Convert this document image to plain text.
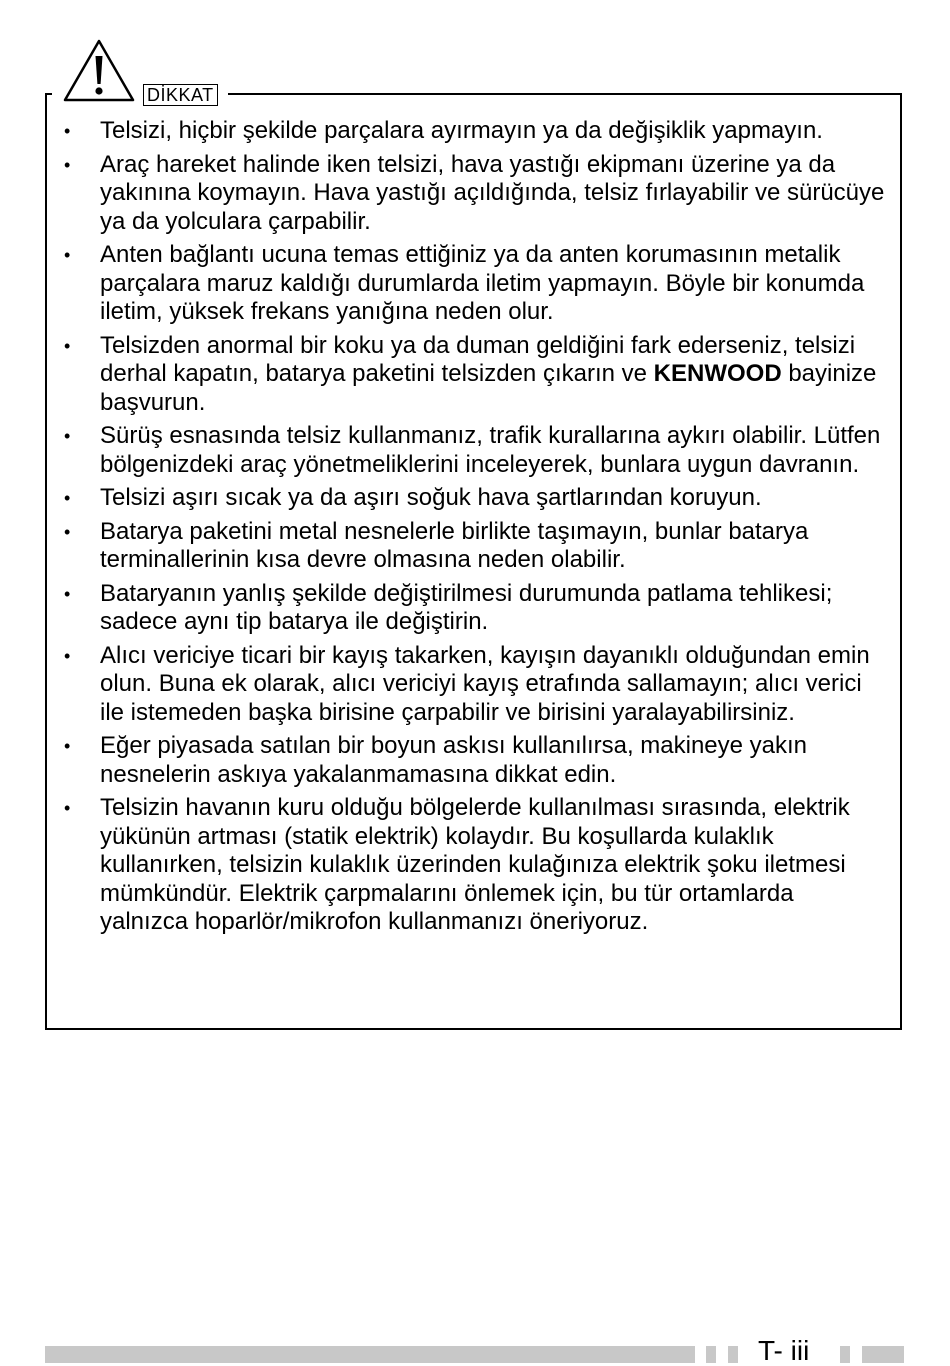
DİKKAT
• Telsizi, hiçbir şekilde parçalara ayırmayın ya da değişiklik yapmayın.
• Araç hareket halinde iken telsizi, hava yastığı ekipmanı üzerine ya da yakınına koymayın. Hava yastığı açıldığında, telsiz fırlayabilir ve sürücüye ya da yolculara çarpabilir.
• Anten bağlantı ucuna temas ettiğiniz ya da anten korumasının metalik parçalara maruz kaldığı durumlarda iletim yapmayın. Böyle bir konumda iletim, yüksek frekans yanığına neden olur.
• Telsizden anormal bir koku ya da duman geldiğini fark ederseniz, telsizi derhal kapatın, batarya paketini telsizden çıkarın ve KENWOOD bayinize başvurun.
• Sürüş esnasında telsiz kullanmanız, trafik kurallarına aykırı olabilir. Lütfen bölgenizdeki araç yönetmeliklerini inceleyerek, bunlara uygun davranın.
• Telsizi aşırı sıcak ya da aşırı soğuk hava şartlarından koruyun.
• Batarya paketini metal nesnelerle birlikte taşımayın, bunlar batarya terminallerinin kısa devre olmasına neden olabilir.
• Bataryanın yanlış şekilde değiştirilmesi durumunda patlama tehlikesi; sadece aynı tip batarya ile değiştirin.
• Alıcı vericiye ticari bir kayış takarken, kayışın dayanıklı olduğundan emin olun. Buna ek olarak, alıcı vericiyi kayış etrafında sallamayın; alıcı verici ile istemeden başka birisine çarpabilir ve birisini yaralayabilirsiniz.
• Eğer piyasada satılan bir boyun askısı kullanılırsa, makineye yakın nesnelerin askıya yakalanmamasına dikkat edin.
• Telsizin havanın kuru olduğu bölgelerde kullanılması sırasında, elektrik yükünün artması (statik elektrik) kolaydır. Bu koşullarda kulaklık kullanırken, telsizin kulaklık üzerinden kulağınıza elektrik şoku iletmesi mümkündür. Elektrik çarpmalarını önlemek için, bu tür ortamlarda yalnızca hoparlör/mikrofon kullanmanızı öneriyoruz.
T- iii
